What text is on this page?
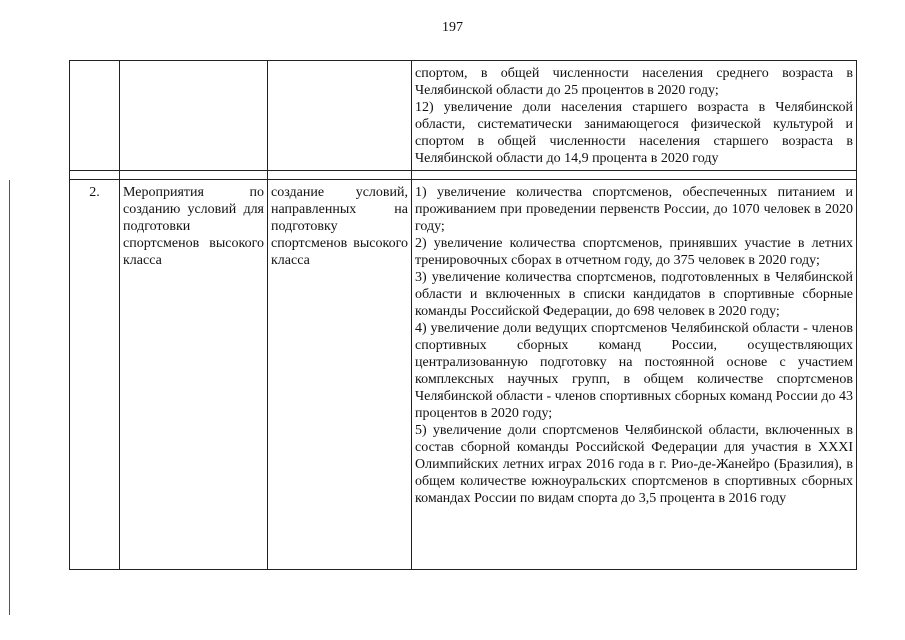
197

			спортом, в общей численности населения среднего возраста в Челябинской области до 25 процентов в 2020 году;

12) увеличение доли населения старшего возраста в Челябинской области, систематически занимающегося физической культурой и спортом в общей численности населения старшего возраста в Челябинской области до 14,9 процента в 2020 году

2.	Мероприятия по созданию условий для подготовки спортсменов высокого класса	создание условий, направленных на подготовку спортсменов высокого класса	1) увеличение количества спортсменов, обеспеченных питанием и проживанием при проведении первенств России, до 1070 человек в 2020 году;

2) увеличение количества спортсменов, принявших участие в летних тренировочных сборах в отчетном году, до 375 человек в 2020 году;

3) увеличение количества спортсменов, подготовленных в Челябинской области и включенных в списки кандидатов в спортивные сборные команды Российской Федерации, до 698 человек в 2020 году;

4) увеличение доли ведущих спортсменов Челябинской области - членов спортивных сборных команд России, осуществляющих централизованную подготовку на постоянной основе с участием комплексных научных групп, в общем количестве спортсменов Челябинской области - членов спортивных сборных команд России до 43 процентов в 2020 году;

5) увеличение доли спортсменов Челябинской области, включенных в состав сборной команды Российской Федерации для участия в XXXI Олимпийских летних играх 2016 года в г. Рио-де-Жанейро (Бразилия), в общем количестве южноуральских спортсменов в спортивных сборных командах России по видам спорта до 3,5 процента в 2016 году
